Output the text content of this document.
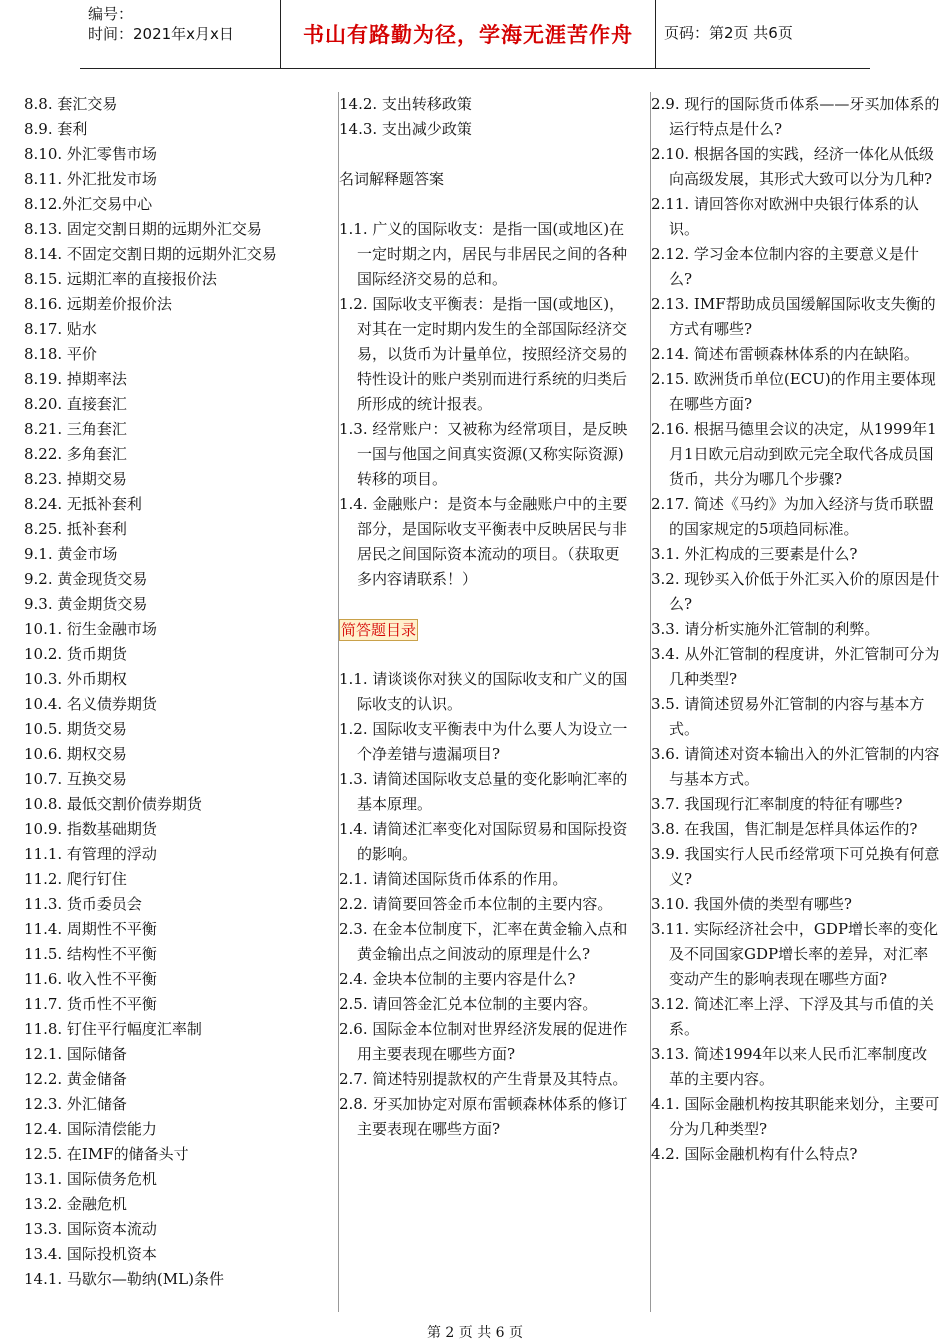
编号：
时间：2021年x月x日	书山有路勤为径，学海无涯苦作舟	页码：第2页 共6页
8.8. 套汇交易
8.9. 套利
8.10. 外汇零售市场
8.11. 外汇批发市场
8.12.外汇交易中心
8.13. 固定交割日期的远期外汇交易
8.14. 不固定交割日期的远期外汇交易
8.15. 远期汇率的直接报价法
8.16. 远期差价报价法
8.17. 贴水
8.18. 平价
8.19. 掉期率法
8.20. 直接套汇
8.21. 三角套汇
8.22. 多角套汇
8.23. 掉期交易
8.24. 无抵补套利
8.25. 抵补套利
9.1. 黄金市场
9.2. 黄金现货交易
9.3. 黄金期货交易
10.1. 衍生金融市场
10.2. 货币期货
10.3. 外币期权
10.4. 名义债券期货
10.5. 期货交易
10.6. 期权交易
10.7. 互换交易
10.8. 最低交割价债券期货
10.9. 指数基础期货
11.1. 有管理的浮动
11.2. 爬行钉住
11.3. 货币委员会
11.4. 周期性不平衡
11.5. 结构性不平衡
11.6. 收入性不平衡
11.7. 货币性不平衡
11.8. 钉住平行幅度汇率制
12.1. 国际储备
12.2. 黄金储备
12.3. 外汇储备
12.4. 国际清偿能力
12.5. 在IMF的储备头寸
13.1. 国际债务危机
13.2. 金融危机
13.3. 国际资本流动
13.4. 国际投机资本
14.1. 马歇尔—勒纳(ML)条件
14.2. 支出转移政策
14.3. 支出减少政策
名词解释题答案
1.1. 广义的国际收支：是指一国(或地区)在一定时期之内，居民与非居民之间的各种国际经济交易的总和。
1.2. 国际收支平衡表：是指一国(或地区)，对其在一定时期内发生的全部国际经济交易，以货币为计量单位，按照经济交易的特性设计的账户类别而进行系统的归类后所形成的统计报表。
1.3. 经常账户：又被称为经常项目，是反映一国与他国之间真实资源(又称实际资源)转移的项目。
1.4. 金融账户：是资本与金融账户中的主要部分，是国际收支平衡表中反映居民与非居民之间国际资本流动的项目。（获取更多内容请联系！）
简答题目录
1.1. 请谈谈你对狭义的国际收支和广义的国际收支的认识。
1.2. 国际收支平衡表中为什么要人为设立一个净差错与遗漏项目?
1.3. 请简述国际收支总量的变化影响汇率的基本原理。
1.4. 请简述汇率变化对国际贸易和国际投资的影响。
2.1. 请简述国际货币体系的作用。
2.2. 请简要回答金币本位制的主要内容。
2.3. 在金本位制度下，汇率在黄金输入点和黄金输出点之间波动的原理是什么?
2.4. 金块本位制的主要内容是什么?
2.5. 请回答金汇兑本位制的主要内容。
2.6. 国际金本位制对世界经济发展的促进作用主要表现在哪些方面?
2.7. 简述特别提款权的产生背景及其特点。
2.8. 牙买加协定对原布雷顿森林体系的修订主要表现在哪些方面?
2.9. 现行的国际货币体系——牙买加体系的运行特点是什么?
2.10. 根据各国的实践，经济一体化从低级向高级发展，其形式大致可以分为几种?
2.11. 请回答你对欧洲中央银行体系的认识。
2.12. 学习金本位制内容的主要意义是什么?
2.13. IMF帮助成员国缓解国际收支失衡的方式有哪些?
2.14. 简述布雷顿森林体系的内在缺陷。
2.15. 欧洲货币单位(ECU)的作用主要体现在哪些方面?
2.16. 根据马德里会议的决定，从1999年1月1日欧元启动到欧元完全取代各成员国货币，共分为哪几个步骤?
2.17. 简述《马约》为加入经济与货币联盟的国家规定的5项趋同标准。
3.1. 外汇构成的三要素是什么?
3.2. 现钞买入价低于外汇买入价的原因是什么?
3.3. 请分析实施外汇管制的利弊。
3.4. 从外汇管制的程度讲，外汇管制可分为几种类型?
3.5. 请简述贸易外汇管制的内容与基本方式。
3.6. 请简述对资本输出入的外汇管制的内容与基本方式。
3.7. 我国现行汇率制度的特征有哪些?
3.8. 在我国，售汇制是怎样具体运作的?
3.9. 我国实行人民币经常项下可兑换有何意义?
3.10. 我国外债的类型有哪些?
3.11. 实际经济社会中，GDP增长率的变化及不同国家GDP增长率的差异，对汇率变动产生的影响表现在哪些方面?
3.12. 简述汇率上浮、下浮及其与币值的关系。
3.13. 简述1994年以来人民币汇率制度改革的主要内容。
4.1. 国际金融机构按其职能来划分，主要可分为几种类型?
4.2. 国际金融机构有什么特点?
第 2 页 共 6 页
